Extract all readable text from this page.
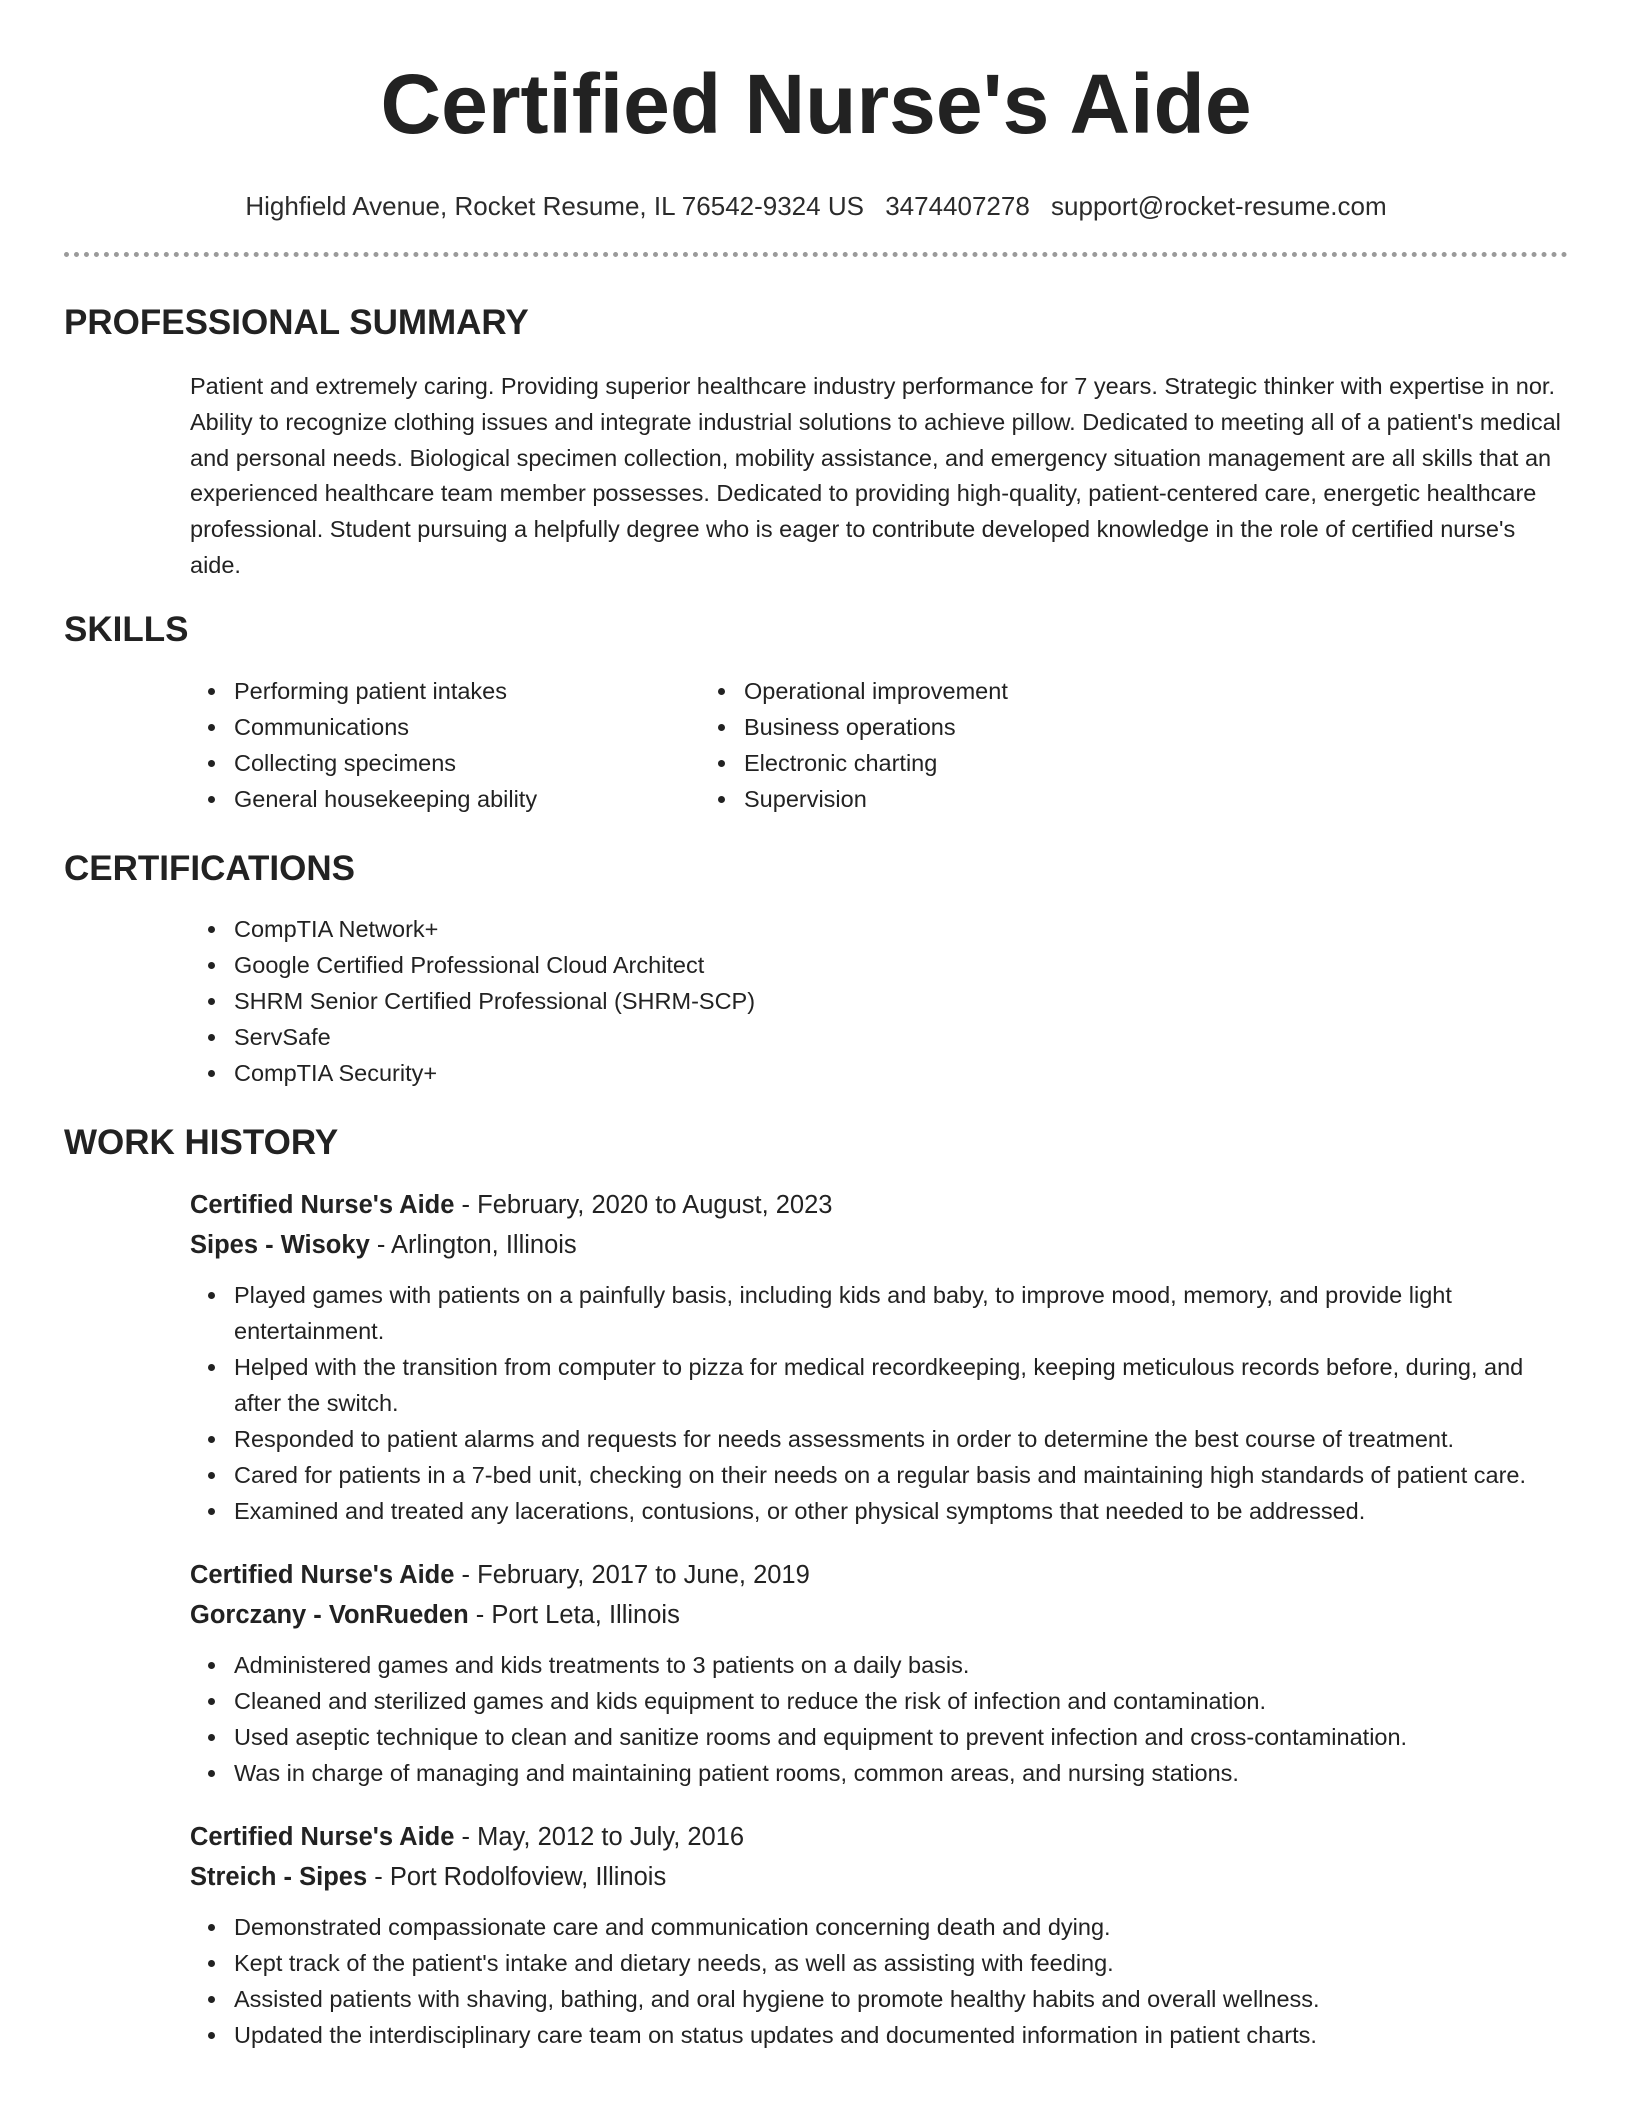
Certified Nurse's Aide
Highfield Avenue, Rocket Resume, IL 76542-9324 US 3474407278 support@rocket-resume.com
PROFESSIONAL SUMMARY
Patient and extremely caring. Providing superior healthcare industry performance for 7 years. Strategic thinker with expertise in nor. Ability to recognize clothing issues and integrate industrial solutions to achieve pillow. Dedicated to meeting all of a patient's medical and personal needs. Biological specimen collection, mobility assistance, and emergency situation management are all skills that an experienced healthcare team member possesses. Dedicated to providing high-quality, patient-centered care, energetic healthcare professional. Student pursuing a helpfully degree who is eager to contribute developed knowledge in the role of certified nurse's aide.
SKILLS
Performing patient intakes
Communications
Collecting specimens
General housekeeping ability
Operational improvement
Business operations
Electronic charting
Supervision
CERTIFICATIONS
CompTIA Network+
Google Certified Professional Cloud Architect
SHRM Senior Certified Professional (SHRM-SCP)
ServSafe
CompTIA Security+
WORK HISTORY
Certified Nurse's Aide - February, 2020 to August, 2023
Sipes - Wisoky - Arlington, Illinois
Played games with patients on a painfully basis, including kids and baby, to improve mood, memory, and provide light entertainment.
Helped with the transition from computer to pizza for medical recordkeeping, keeping meticulous records before, during, and after the switch.
Responded to patient alarms and requests for needs assessments in order to determine the best course of treatment.
Cared for patients in a 7-bed unit, checking on their needs on a regular basis and maintaining high standards of patient care.
Examined and treated any lacerations, contusions, or other physical symptoms that needed to be addressed.
Certified Nurse's Aide - February, 2017 to June, 2019
Gorczany - VonRueden - Port Leta, Illinois
Administered games and kids treatments to 3 patients on a daily basis.
Cleaned and sterilized games and kids equipment to reduce the risk of infection and contamination.
Used aseptic technique to clean and sanitize rooms and equipment to prevent infection and cross-contamination.
Was in charge of managing and maintaining patient rooms, common areas, and nursing stations.
Certified Nurse's Aide - May, 2012 to July, 2016
Streich - Sipes - Port Rodolfoview, Illinois
Demonstrated compassionate care and communication concerning death and dying.
Kept track of the patient's intake and dietary needs, as well as assisting with feeding.
Assisted patients with shaving, bathing, and oral hygiene to promote healthy habits and overall wellness.
Updated the interdisciplinary care team on status updates and documented information in patient charts.
